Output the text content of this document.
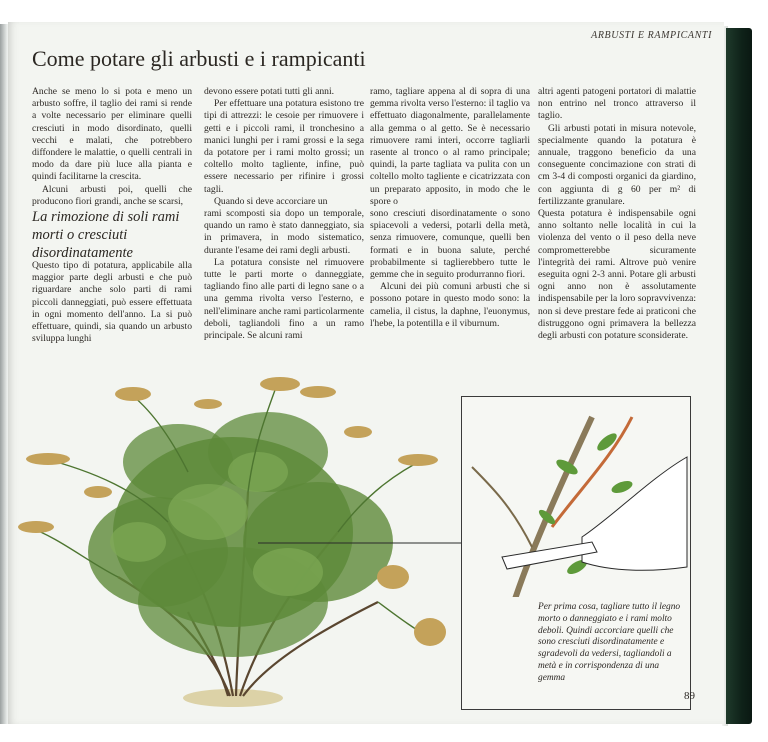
ARBUSTI E RAMPICANTI
Come potare gli arbusti e i rampicanti

Anche se meno lo si pota e meno un arbusto soffre, il taglio dei rami si rende a volte necessario per eliminare quelli cresciuti in modo disordinato, quelli vecchi e malati, che potrebbero diffondere le malattie, o quelli centrali in modo da dare più luce alla pianta e quindi facilitarne la crescita.

Alcuni arbusti poi, quelli che producono fiori grandi, anche se scarsi,

devono essere potati tutti gli anni.

Per effettuare una potatura esistono tre tipi di attrezzi: le cesoie per rimuovere i getti e i piccoli rami, il tronchesino a manici lunghi per i rami grossi e la sega da potatore per i rami molto grossi; un coltello molto tagliente, infine, può essere necessario per rifinire i grossi tagli.

Quando si deve accorciare un

ramo, tagliare appena al di sopra di una gemma rivolta verso l'esterno: il taglio va effettuato diagonalmente, parallelamente alla gemma o al getto. Se è necessario rimuovere rami interi, occorre tagliarli rasente al tronco o al ramo principale; quindi, la parte tagliata va pulita con un coltello molto tagliente e cicatrizzata con un preparato apposito, in modo che le spore o

altri agenti patogeni portatori di malattie non entrino nel tronco attraverso il taglio.

Gli arbusti potati in misura notevole, specialmente quando la potatura è annuale, traggono beneficio da una conseguente concimazione con strati di cm 3-4 di composti organici da giardino, con aggiunta di g 60 per m² di fertilizzante granulare.

La rimozione di soli rami morti o cresciuti disordinatamente

Questo tipo di potatura, applicabile alla maggior parte degli arbusti e che può riguardare anche solo parti di rami piccoli danneggiati, può essere effettuata in ogni momento dell'anno. La si può effettuare, quindi, sia quando un arbusto sviluppa lunghi

rami scomposti sia dopo un temporale, quando un ramo è stato danneggiato, sia in primavera, in modo sistematico, durante l'esame dei rami degli arbusti.

La potatura consiste nel rimuovere tutte le parti morte o danneggiate, tagliando fino alle parti di legno sane o a una gemma rivolta verso l'esterno, e nell'eliminare anche rami particolarmente deboli, tagliandoli fino a un ramo principale. Se alcuni rami

sono cresciuti disordinatamente o sono spiacevoli a vedersi, potarli della metà, senza rimuovere, comunque, quelli ben formati e in buona salute, perché probabilmente si taglierebbero tutte le gemme che in seguito produrranno fiori.

Alcuni dei più comuni arbusti che si possono potare in questo modo sono: la camelia, il cistus, la daphne, l'euonymus, l'hebe, la potentilla e il viburnum.

Questa potatura è indispensabile ogni anno soltanto nelle località in cui la violenza del vento o il peso della neve comprometterebbe sicuramente l'integrità dei rami. Altrove può venire eseguita ogni 2-3 anni. Potare gli arbusti ogni anno non è assolutamente indispensabile per la loro sopravvivenza: non si deve prestare fede ai praticoni che distruggono ogni primavera la bellezza degli arbusti con potature sconsiderate.

Per prima cosa, tagliare tutto il legno morto o danneggiato e i rami molto deboli. Quindi accorciare quelli che sono cresciuti disordinatamente e sgradevoli da vedersi, tagliandoli a metà e in corrispondenza di una gemma
89
